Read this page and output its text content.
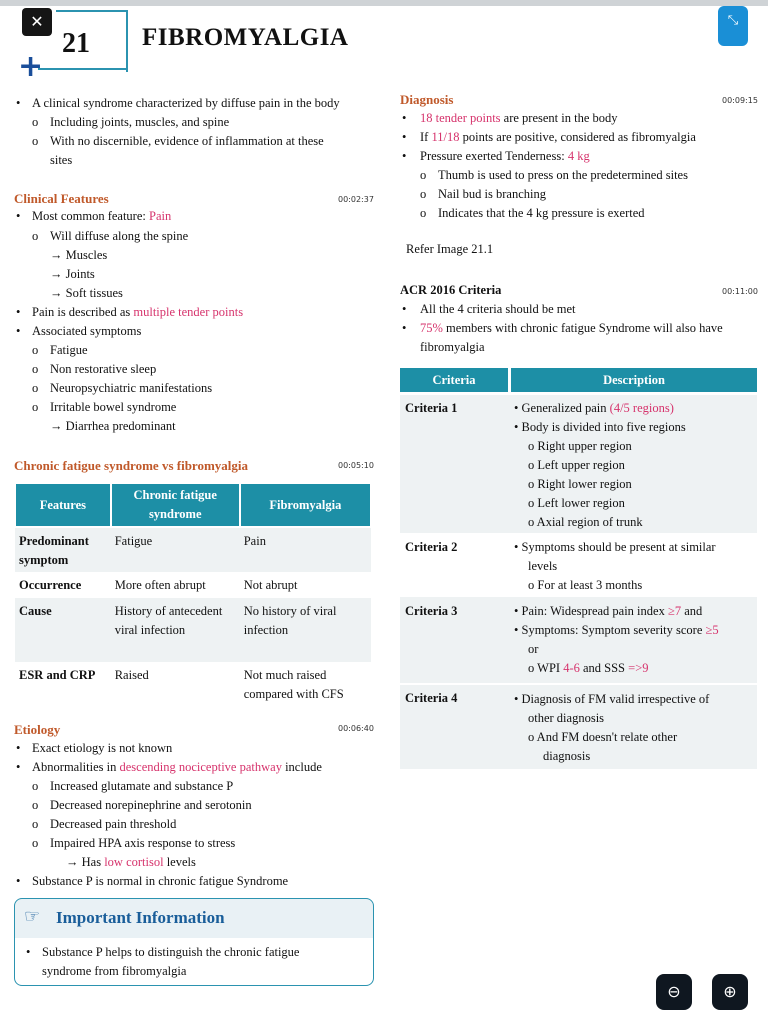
✕	⤡
+
21 FIBROMYALGIA
• A clinical syndrome characterized by diffuse pain in the body
o Including joints, muscles, and spine
o With no discernible, evidence of inflammation at these
sites
Clinical Features	00:02:37
• Most common feature: Pain
o Will diffuse along the spine
→ Muscles
→ Joints
→ Soft tissues
• Pain is described as multiple tender points
• Associated symptoms
o Fatigue
o Non restorative sleep
o Neuropsychiatric manifestations
o Irritable bowel syndrome
→ Diarrhea predominant
Chronic fatigue syndrome vs fibromyalgia	00:05:10
Features	Chronic fatigue syndrome	Fibromyalgia
Predominant symptom	Fatigue	Pain
Occurrence	More often abrupt	Not abrupt
Cause	History of antecedent viral infection	No history of viral infection
ESR and CRP	Raised	Not much raised compared with CFS
Etiology	00:06:40
• Exact etiology is not known
• Abnormalities in descending nociceptive pathway include
o Increased glutamate and substance P
o Decreased norepinephrine and serotonin
o Decreased pain threshold
o Impaired HPA axis response to stress
→ Has low cortisol levels
• Substance P is normal in chronic fatigue Syndrome
☞ Important Information
• Substance P helps to distinguish the chronic fatigue
syndrome from fibromyalgia
Diagnosis	00:09:15
• 18 tender points are present in the body
• If 11/18 points are positive, considered as fibromyalgia
• Pressure exerted Tenderness: 4 kg
o Thumb is used to press on the predetermined sites
o Nail bud is branching
o Indicates that the 4 kg pressure is exerted
Refer Image 21.1
ACR 2016 Criteria	00:11:00
• All the 4 criteria should be met
• 75% members with chronic fatigue Syndrome will also have
fibromyalgia
Criteria	Description
Criteria 1	• Generalized pain (4/5 regions)
• Body is divided into five regions
o Right upper region
o Left upper region
o Right lower region
o Left lower region
o Axial region of trunk
Criteria 2	• Symptoms should be present at similar
levels
o For at least 3 months
Criteria 3	• Pain: Widespread pain index ≥7 and
• Symptoms: Symptom severity score ≥5
or
o WPI 4-6 and SSS =>9
Criteria 4	• Diagnosis of FM valid irrespective of
other diagnosis
o And FM doesn't relate other
diagnosis
⊖	⊕
